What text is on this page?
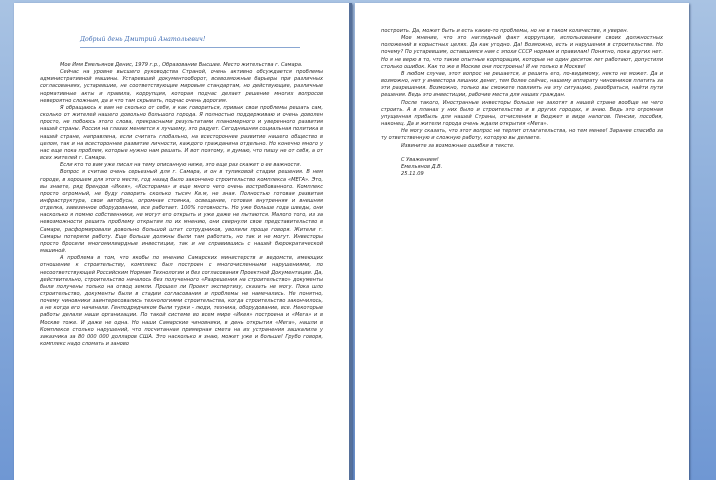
Добрый день Дмитрий Анатольевич!

Мое Имя Емельянов Денис, 1979 г.р., Образование Высшее. Место жительства г. Самара.

Сейчас на уровне высшего руководства Страной, очень активно обсуждается проблемы административной машины. Устаревший документооборот, всевозможные барьеры при различных согласованиях, устаревшие, не соответствующие мировым стандартам, но действующие, различные нормативные акты и правила, коррупция, которая подчас делает решение многих вопросов невероятно сложным, да и что там скрывать, подчас очень дорогим.

Я обращаюсь к вам не сколько от себя, я как говориться, привык свои проблемы решать сам, сколько от жителей нашего довольно большого города. Я полностью поддерживаю и очень доволен просто, не побоюсь этого слова, прекрасными результатами планомерного и уверенного развития нашей страны. Россия на глазах меняется к лучшему, это радует. Сегодняшняя социальная политика в нашей стране, направлена, если считать глобально, на всестороннее развитие нашего общество в целом, так и на всестороннее развитие личности, каждого гражданина отдельно. Но конечно много у нас еще пока проблем, которые нужно нам решать. И вот поэтому, я думаю, что пишу не от себя, а от всех жителей г. Самара.

Если кто то вам уже писал на тему описанную ниже, это еще раз скажет о ее важности.

Вопрос я считаю очень серьезный для г. Самара, и он в тупиковой стадии решения. В нем городе, в хорошем для этого месте, год назад было закончено строительство комплекса «МЕГА». Это, вы знаете, ряд брендов «Икея», «Косторама» и еще много чего очень востребованного. Комплекс просто огромный, не буду говорить сколько тысяч Кв.м, не зная. Полностью готовая развитая инфраструктура, свои автобусы, огромная стоянка, освещение, готовая внутренняя и внешняя отделка, завезенное оборудование, все работает. 100% готовность. Но уже больше года шведы, они насколько я помню собственники, не могут его открыть и уже даже не пытаются. Малого того, из за невозможности решить проблему открытия по их мнению, они свернули свое представительство в Самаре, расформировали довольно большой штат сотрудников, уволили проще говоря. Жители г. Самары потеряли работу. Еще больше должны были там работать, но так и не могут. Инвесторы просто бросили многомилиардные инвестиции, так и не справившись с нашей бюрократической машиной.

А проблема в том, что якобы по мнению Самарских министерств и ведомств, имеющих отношение к строительству, комплекс был построен с многочисленными нарушениями, по несоответствующей Российским Нормам Технологии и без согласования Проектной Документации. Да, действительно, строительство началось без полученного «Разрешения на строительство» документы были получены только на отвод земли. Прошел ли Проект экспертизу, сказать не могу. Пока шло строительство, документы были в стадии согласования и проблемы не намечались. Не понятно, почему чиновники заинтересовались технологиями строительства, когда строительство закончилось, а не когда его начинали. Генподрядчиком были турки - люди, техника, оборудование, все. Некоторые работы делали наши организации. По такой системе во всем мире «Икея» построена и «Мега» и в Москве тоже. И даже не одна. Но наши Самарские чиновники, в день открытия «Мега», нашли в Комплексе столько нарушений, что посчитанная примерная смета на их устранения зашкалила у заказчика за 80 000 000 долларов США. Это насколько я знаю, может уже и больше! Грубо говоря, комплекс надо сломать и заново

построить. Да, может быть и есть какие-то проблемы, но не в таком количестве, я уверен.

Мое мнение, что это наглядный факт коррупции, использования своих должностных положений в корыстных целях. Да как угодно. Да! Возможно, есть и нарушения в строительстве. Но почему? По устаревшим, оставшимся нам с эпохи СССР нормам и правилам! Понятно, пока других нет. Но я не верю в то, что такие опытные корпорации, которые не один десяток лет работают, допустили столько ошибок. Как то же в Москве они построены! И не только в Москве!

В любом случае, этот вопрос не решается, и решить его, по-видимому, некто не может. Да и возможно, нет у инвестора лишних денег, тем более сейчас, нашему аппарату чиновников платить за эти разрешения. Возможно, только вы сможете повлиять на эту ситуацию, разобраться, найти пути решения. Ведь это инвестиции, рабочие места для наших граждан.

После такого, Иностранные инвесторы больше не захотят в нашей стране вообще не чего строить. А в планах у них было и строительство и в других городах, я знаю. Ведь это огромная упущенная прибыль для нашей Страны, отчисления в бюджет в виде налогов. Пенсии, пособия, наконец. Да и жители города очень ждали открытия «Мега».

Не могу сказать, что этот вопрос не терпит отлагательства, но тем менее! Заранее спасибо за ту ответственную и сложную работу, которую вы делаете.

Извините за возможные ошибки в тексте.

С Уважением!
Емельянов Д.В.
25.11.09
